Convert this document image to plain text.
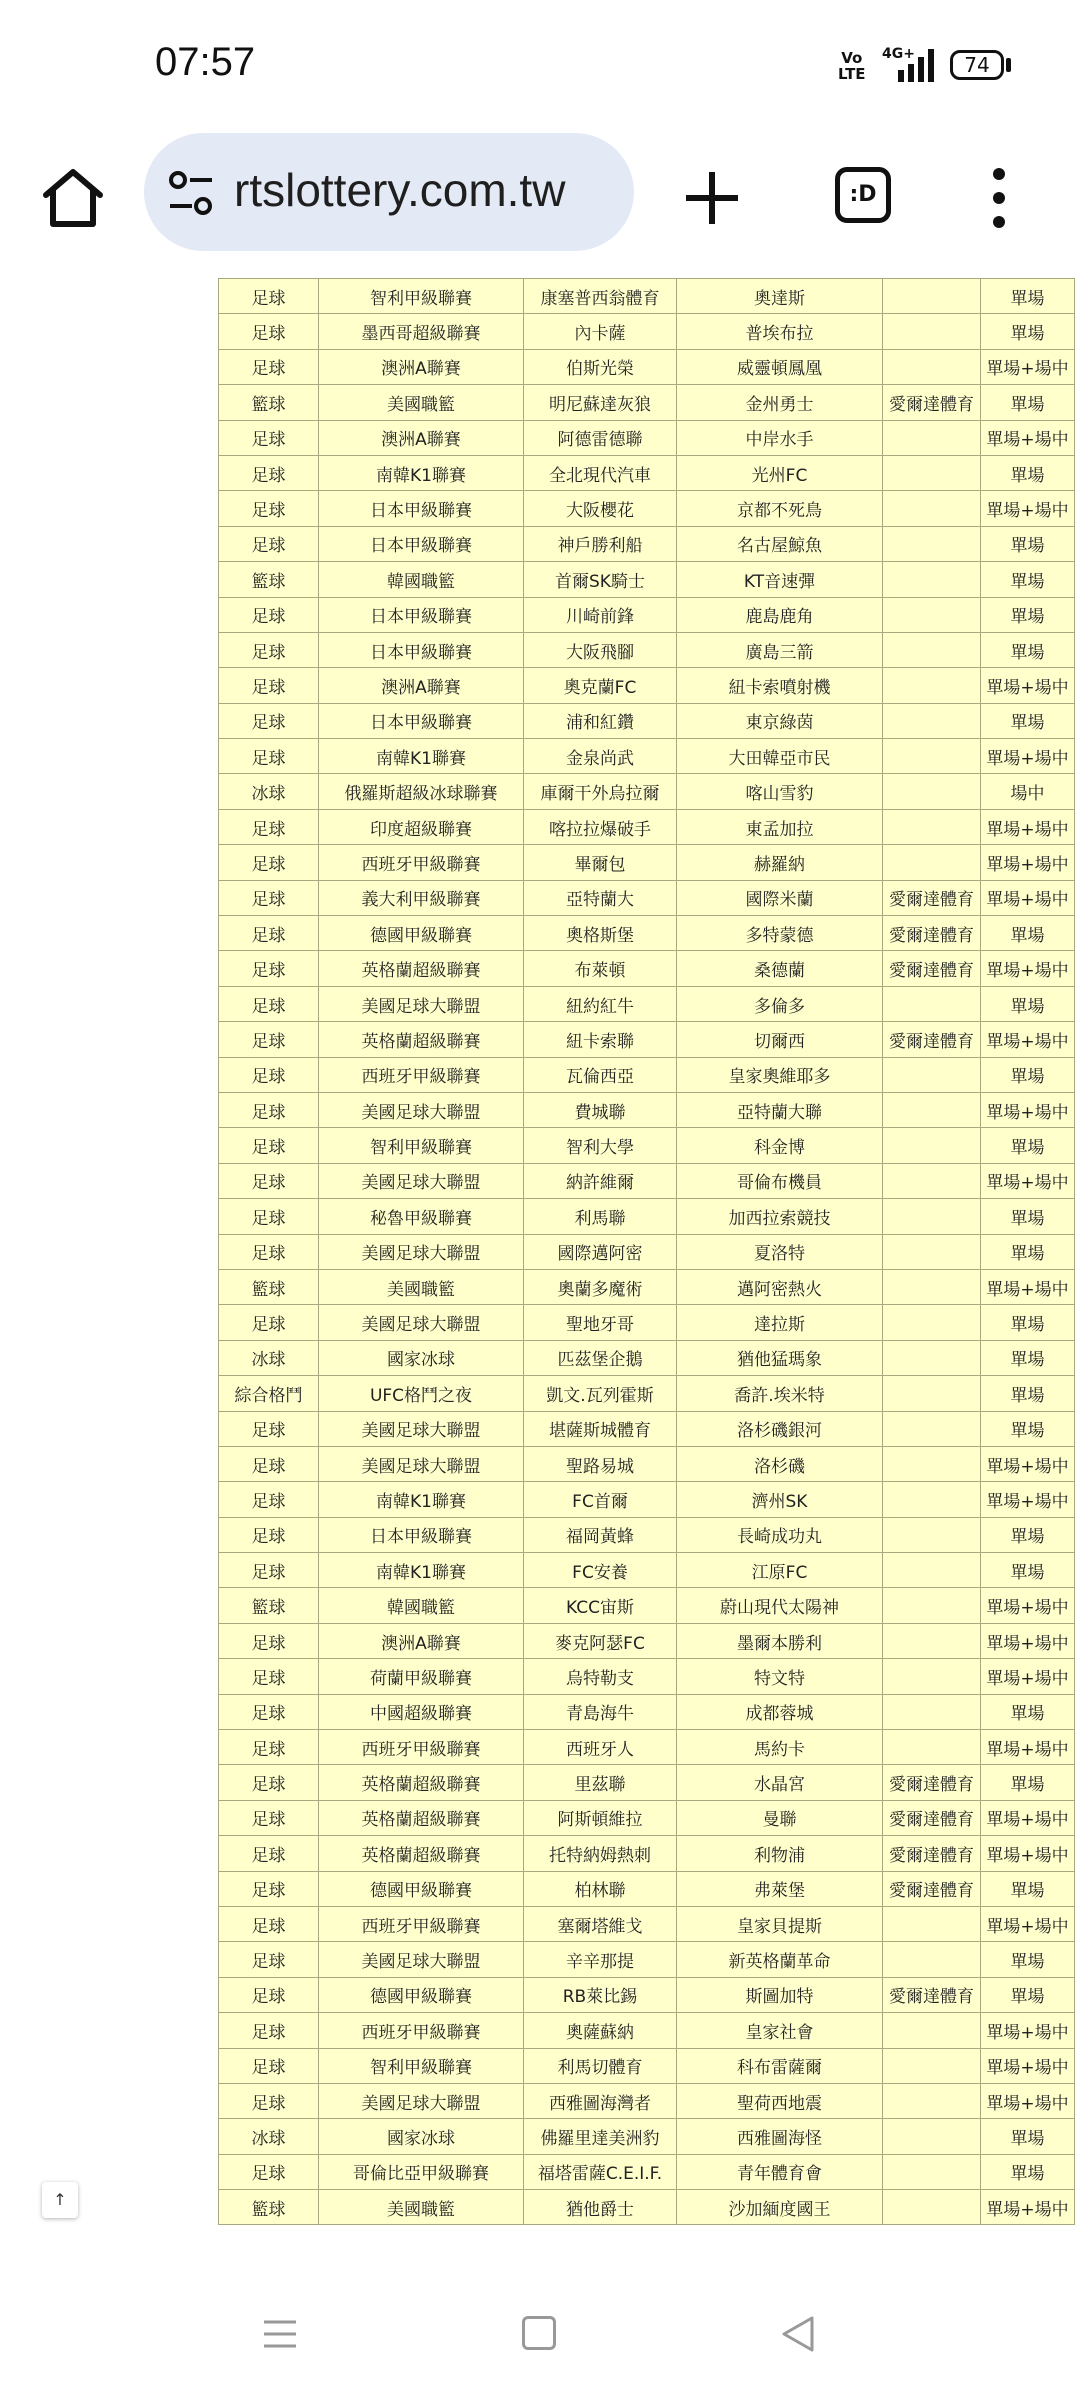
07:57	Vo
LTE
4G+	74
rtslottery.com.tw	:D
足球	智利甲級聯賽	康塞普西翁體育	奧達斯		單場
足球	墨西哥超級聯賽	內卡薩	普埃布拉		單場
足球	澳洲A聯賽	伯斯光榮	威靈頓鳳凰		單場+場中
籃球	美國職籃	明尼蘇達灰狼	金州勇士	愛爾達體育	單場
足球	澳洲A聯賽	阿德雷德聯	中岸水手		單場+場中
足球	南韓K1聯賽	全北現代汽車	光州FC		單場
足球	日本甲級聯賽	大阪櫻花	京都不死鳥		單場+場中
足球	日本甲級聯賽	神戶勝利船	名古屋鯨魚		單場
籃球	韓國職籃	首爾SK騎士	KT音速彈		單場
足球	日本甲級聯賽	川崎前鋒	鹿島鹿角		單場
足球	日本甲級聯賽	大阪飛腳	廣島三箭		單場
足球	澳洲A聯賽	奧克蘭FC	紐卡索噴射機		單場+場中
足球	日本甲級聯賽	浦和紅鑽	東京綠茵		單場
足球	南韓K1聯賽	金泉尚武	大田韓亞市民		單場+場中
冰球	俄羅斯超級冰球聯賽	庫爾干外烏拉爾	喀山雪豹		場中
足球	印度超級聯賽	喀拉拉爆破手	東孟加拉		單場+場中
足球	西班牙甲級聯賽	畢爾包	赫羅納		單場+場中
足球	義大利甲級聯賽	亞特蘭大	國際米蘭	愛爾達體育	單場+場中
足球	德國甲級聯賽	奧格斯堡	多特蒙德	愛爾達體育	單場
足球	英格蘭超級聯賽	布萊頓	桑德蘭	愛爾達體育	單場+場中
足球	美國足球大聯盟	紐約紅牛	多倫多		單場
足球	英格蘭超級聯賽	紐卡索聯	切爾西	愛爾達體育	單場+場中
足球	西班牙甲級聯賽	瓦倫西亞	皇家奧維耶多		單場
足球	美國足球大聯盟	費城聯	亞特蘭大聯		單場+場中
足球	智利甲級聯賽	智利大學	科金博		單場
足球	美國足球大聯盟	納許維爾	哥倫布機員		單場+場中
足球	秘魯甲級聯賽	利馬聯	加西拉索競技		單場
足球	美國足球大聯盟	國際邁阿密	夏洛特		單場
籃球	美國職籃	奧蘭多魔術	邁阿密熱火		單場+場中
足球	美國足球大聯盟	聖地牙哥	達拉斯		單場
冰球	國家冰球	匹茲堡企鵝	猶他猛瑪象		單場
綜合格鬥	UFC格鬥之夜	凱文.瓦列霍斯	喬許.埃米特		單場
足球	美國足球大聯盟	堪薩斯城體育	洛杉磯銀河		單場
足球	美國足球大聯盟	聖路易城	洛杉磯		單場+場中
足球	南韓K1聯賽	FC首爾	濟州SK		單場+場中
足球	日本甲級聯賽	福岡黃蜂	長崎成功丸		單場
足球	南韓K1聯賽	FC安養	江原FC		單場
籃球	韓國職籃	KCC宙斯	蔚山現代太陽神		單場+場中
足球	澳洲A聯賽	麥克阿瑟FC	墨爾本勝利		單場+場中
足球	荷蘭甲級聯賽	烏特勒支	特文特		單場+場中
足球	中國超級聯賽	青島海牛	成都蓉城		單場
足球	西班牙甲級聯賽	西班牙人	馬約卡		單場+場中
足球	英格蘭超級聯賽	里茲聯	水晶宮	愛爾達體育	單場
足球	英格蘭超級聯賽	阿斯頓維拉	曼聯	愛爾達體育	單場+場中
足球	英格蘭超級聯賽	托特納姆熱刺	利物浦	愛爾達體育	單場+場中
足球	德國甲級聯賽	柏林聯	弗萊堡	愛爾達體育	單場
足球	西班牙甲級聯賽	塞爾塔維戈	皇家貝提斯		單場+場中
足球	美國足球大聯盟	辛辛那提	新英格蘭革命		單場
足球	德國甲級聯賽	RB萊比錫	斯圖加特	愛爾達體育	單場
足球	西班牙甲級聯賽	奧薩蘇納	皇家社會		單場+場中
足球	智利甲級聯賽	利馬切體育	科布雷薩爾		單場+場中
足球	美國足球大聯盟	西雅圖海灣者	聖荷西地震		單場+場中
冰球	國家冰球	佛羅里達美洲豹	西雅圖海怪		單場
足球	哥倫比亞甲級聯賽	福塔雷薩C.E.I.F.	青年體育會		單場
籃球	美國職籃	猶他爵士	沙加緬度國王		單場+場中
↑
